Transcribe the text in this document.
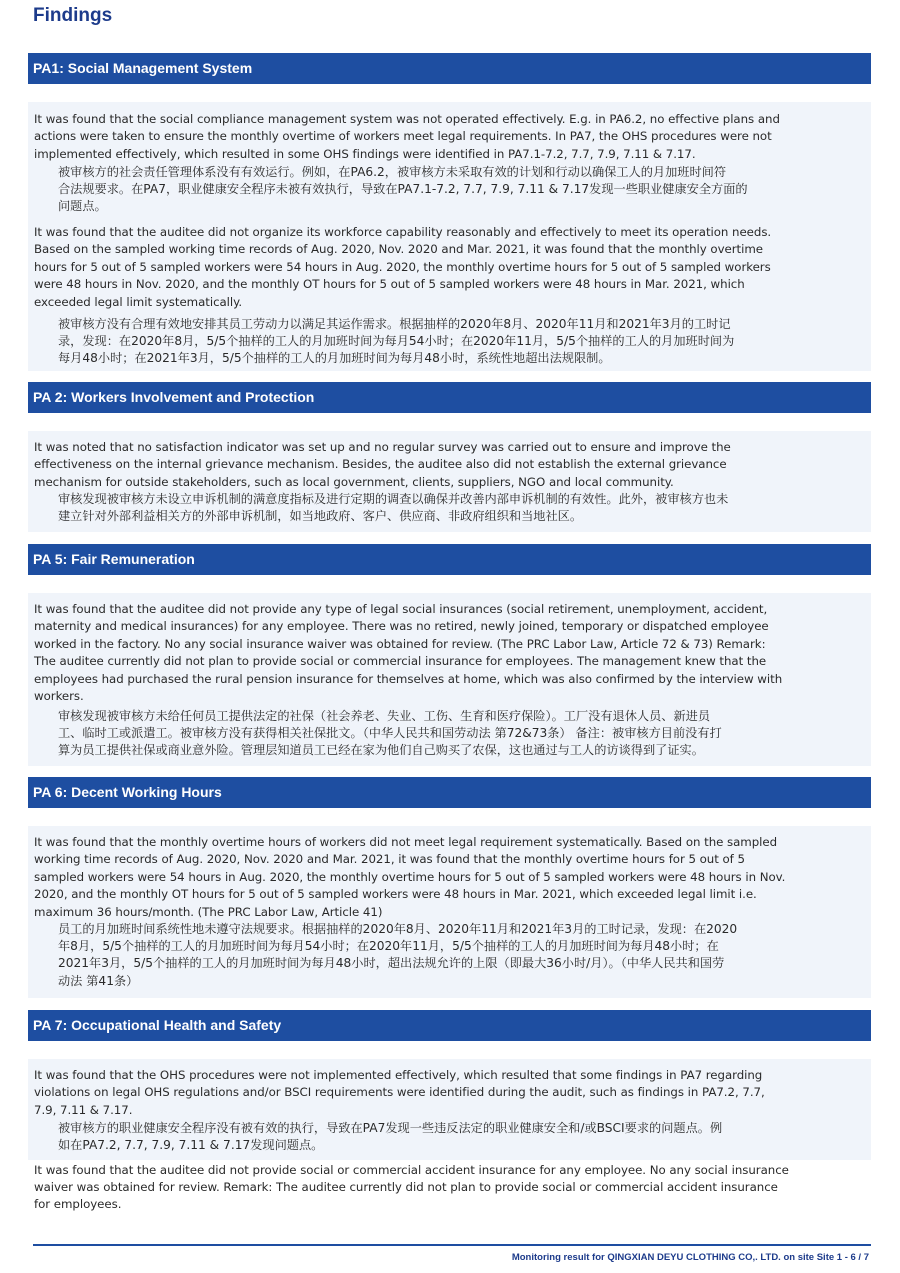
Findings
PA1: Social Management System
It was found that the social compliance management system was not operated effectively. E.g. in PA6.2, no effective plans and
actions were taken to ensure the monthly overtime of workers meet legal requirements. In PA7, the OHS procedures were not
implemented effectively, which resulted in some OHS findings were identified in PA7.1-7.2, 7.7, 7.9, 7.11 & 7.17.
被审核方的社会责任管理体系没有有效运行。例如，在PA6.2，被审核方未采取有效的计划和行动以确保工人的月加班时间符
合法规要求。在PA7，职业健康安全程序未被有效执行，导致在PA7.1-7.2, 7.7, 7.9, 7.11 & 7.17发现一些职业健康安全方面的
问题点。
It was found that the auditee did not organize its workforce capability reasonably and effectively to meet its operation needs.
Based on the sampled working time records of Aug. 2020, Nov. 2020 and Mar. 2021, it was found that the monthly overtime
hours for 5 out of 5 sampled workers were 54 hours in Aug. 2020, the monthly overtime hours for 5 out of 5 sampled workers
were 48 hours in Nov. 2020, and the monthly OT hours for 5 out of 5 sampled workers were 48 hours in Mar. 2021, which
exceeded legal limit systematically.
被审核方没有合理有效地安排其员工劳动力以满足其运作需求。根据抽样的2020年8月、2020年11月和2021年3月的工时记
录，发现：在2020年8月，5/5个抽样的工人的月加班时间为每月54小时；在2020年11月，5/5个抽样的工人的月加班时间为
每月48小时；在2021年3月，5/5个抽样的工人的月加班时间为每月48小时，系统性地超出法规限制。
PA 2: Workers Involvement and Protection
It was noted that no satisfaction indicator was set up and no regular survey was carried out to ensure and improve the
effectiveness on the internal grievance mechanism. Besides, the auditee also did not establish the external grievance
mechanism for outside stakeholders, such as local government, clients, suppliers, NGO and local community.
审核发现被审核方未设立申诉机制的满意度指标及进行定期的调查以确保并改善内部申诉机制的有效性。此外，被审核方也未
建立针对外部利益相关方的外部申诉机制，如当地政府、客户、供应商、非政府组织和当地社区。
PA 5: Fair Remuneration
It was found that the auditee did not provide any type of legal social insurances (social retirement, unemployment, accident,
maternity and medical insurances) for any employee. There was no retired, newly joined, temporary or dispatched employee
worked in the factory. No any social insurance waiver was obtained for review. (The PRC Labor Law, Article 72 & 73) Remark:
The auditee currently did not plan to provide social or commercial insurance for employees. The management knew that the
employees had purchased the rural pension insurance for themselves at home, which was also confirmed by the interview with
workers.
审核发现被审核方未给任何员工提供法定的社保（社会养老、失业、工伤、生育和医疗保险）。工厂没有退休人员、新进员
工、临时工或派遣工。被审核方没有获得相关社保批文。（中华人民共和国劳动法 第72&73条） 备注：被审核方目前没有打
算为员工提供社保或商业意外险。管理层知道员工已经在家为他们自己购买了农保，这也通过与工人的访谈得到了证实。
PA 6: Decent Working Hours
It was found that the monthly overtime hours of workers did not meet legal requirement systematically. Based on the sampled
working time records of Aug. 2020, Nov. 2020 and Mar. 2021, it was found that the monthly overtime hours for 5 out of 5
sampled workers were 54 hours in Aug. 2020, the monthly overtime hours for 5 out of 5 sampled workers were 48 hours in Nov.
2020, and the monthly OT hours for 5 out of 5 sampled workers were 48 hours in Mar. 2021, which exceeded legal limit i.e.
maximum 36 hours/month. (The PRC Labor Law, Article 41)
员工的月加班时间系统性地未遵守法规要求。根据抽样的2020年8月、2020年11月和2021年3月的工时记录，发现：在2020
年8月，5/5个抽样的工人的月加班时间为每月54小时；在2020年11月，5/5个抽样的工人的月加班时间为每月48小时；在
2021年3月，5/5个抽样的工人的月加班时间为每月48小时，超出法规允许的上限（即最大36小时/月）。（中华人民共和国劳
动法 第41条）
PA 7: Occupational Health and Safety
It was found that the OHS procedures were not implemented effectively, which resulted that some findings in PA7 regarding
violations on legal OHS regulations and/or BSCI requirements were identified during the audit, such as findings in PA7.2, 7.7,
7.9, 7.11 & 7.17.
被审核方的职业健康安全程序没有被有效的执行，导致在PA7发现一些违反法定的职业健康安全和/或BSCI要求的问题点。例
如在PA7.2, 7.7, 7.9, 7.11 & 7.17发现问题点。
It was found that the auditee did not provide social or commercial accident insurance for any employee. No any social insurance
waiver was obtained for review. Remark: The auditee currently did not plan to provide social or commercial accident insurance
for employees.
Monitoring result for QINGXIAN DEYU CLOTHING CO,. LTD. on site Site 1 - 6 / 7
